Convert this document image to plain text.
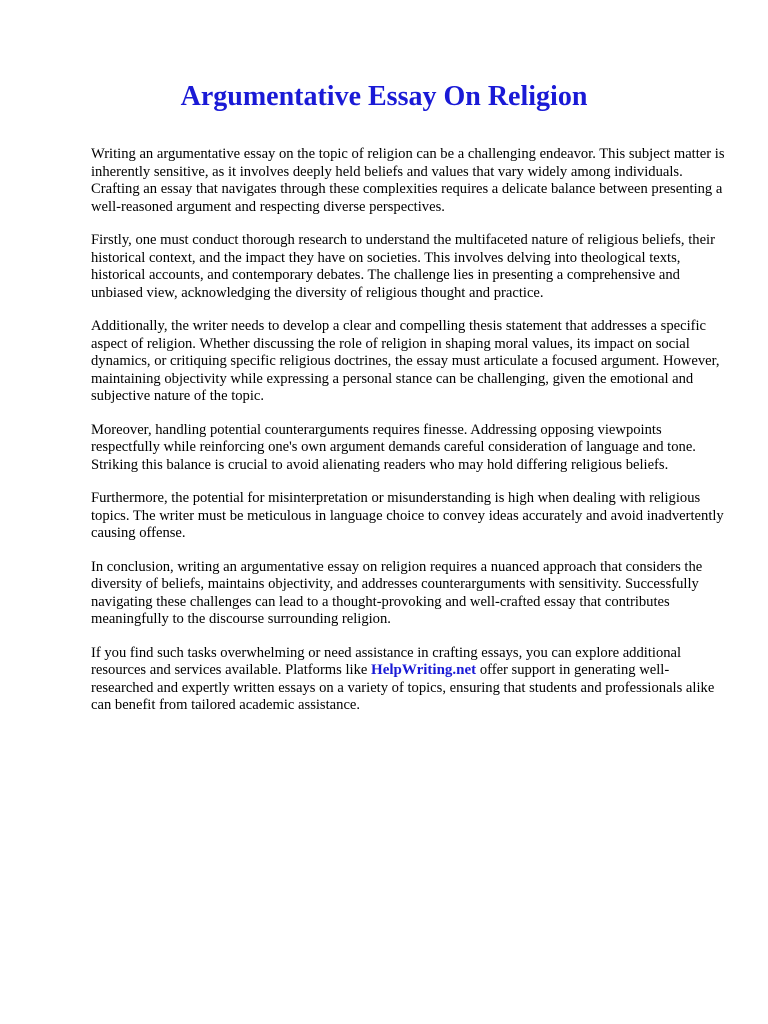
Argumentative Essay On Religion

Writing an argumentative essay on the topic of religion can be a challenging endeavor. This subject matter is inherently sensitive, as it involves deeply held beliefs and values that vary widely among individuals. Crafting an essay that navigates through these complexities requires a delicate balance between presenting a well-reasoned argument and respecting diverse perspectives.

Firstly, one must conduct thorough research to understand the multifaceted nature of religious beliefs, their historical context, and the impact they have on societies. This involves delving into theological texts, historical accounts, and contemporary debates. The challenge lies in presenting a comprehensive and unbiased view, acknowledging the diversity of religious thought and practice.

Additionally, the writer needs to develop a clear and compelling thesis statement that addresses a specific aspect of religion. Whether discussing the role of religion in shaping moral values, its impact on social dynamics, or critiquing specific religious doctrines, the essay must articulate a focused argument. However, maintaining objectivity while expressing a personal stance can be challenging, given the emotional and subjective nature of the topic.

Moreover, handling potential counterarguments requires finesse. Addressing opposing viewpoints respectfully while reinforcing one's own argument demands careful consideration of language and tone. Striking this balance is crucial to avoid alienating readers who may hold differing religious beliefs.

Furthermore, the potential for misinterpretation or misunderstanding is high when dealing with religious topics. The writer must be meticulous in language choice to convey ideas accurately and avoid inadvertently causing offense.

In conclusion, writing an argumentative essay on religion requires a nuanced approach that considers the diversity of beliefs, maintains objectivity, and addresses counterarguments with sensitivity. Successfully navigating these challenges can lead to a thought-provoking and well-crafted essay that contributes meaningfully to the discourse surrounding religion.

If you find such tasks overwhelming or need assistance in crafting essays, you can explore additional resources and services available. Platforms like HelpWriting.net offer support in generating well-researched and expertly written essays on a variety of topics, ensuring that students and professionals alike can benefit from tailored academic assistance.
